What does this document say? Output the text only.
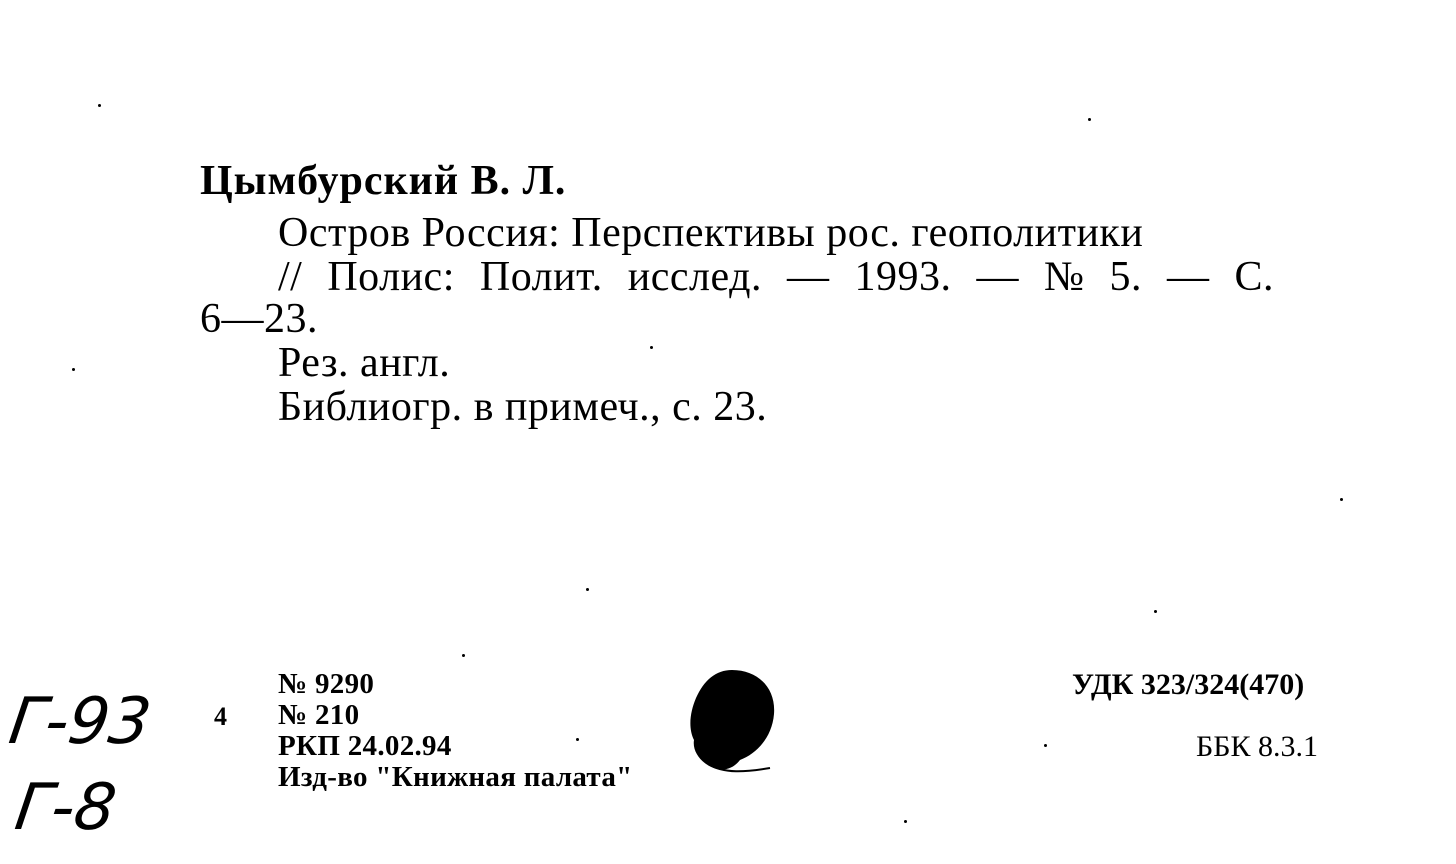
Цымбурский В. Л.
Остров Россия: Перспективы рос. геополитики
// Полис: Полит. исслед. — 1993. — № 5. — С.
6—23.
Рез. англ.
Библиогр. в примеч., с. 23.
4
№ 9290
№ 210
РКП 24.02.94
Изд-во "Книжная палата"
УДК 323/324(470)
ББК 8.3.1
Г-93
Г-8
